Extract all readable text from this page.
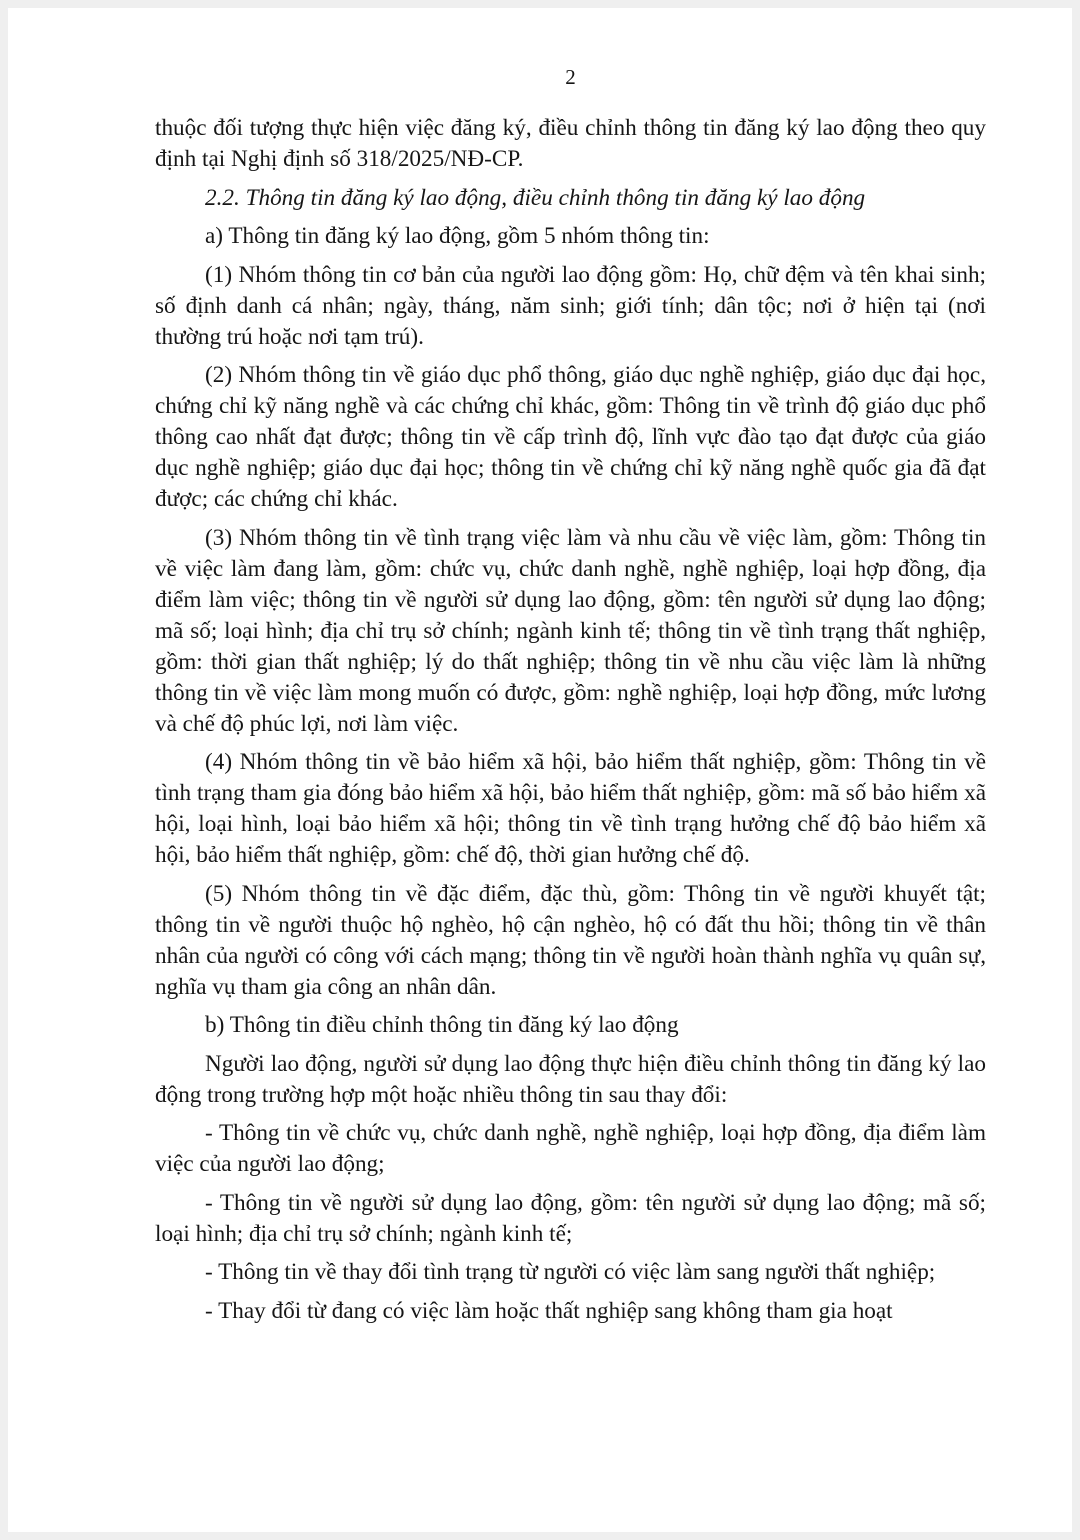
2

thuộc đối tượng thực hiện việc đăng ký, điều chỉnh thông tin đăng ký lao động theo quy định tại Nghị định số 318/2025/NĐ-CP.

2.2. Thông tin đăng ký lao động, điều chỉnh thông tin đăng ký lao động

a) Thông tin đăng ký lao động, gồm 5 nhóm thông tin:

(1) Nhóm thông tin cơ bản của người lao động gồm: Họ, chữ đệm và tên khai sinh; số định danh cá nhân; ngày, tháng, năm sinh; giới tính; dân tộc; nơi ở hiện tại (nơi thường trú hoặc nơi tạm trú).

(2) Nhóm thông tin về giáo dục phổ thông, giáo dục nghề nghiệp, giáo dục đại học, chứng chỉ kỹ năng nghề và các chứng chỉ khác, gồm: Thông tin về trình độ giáo dục phổ thông cao nhất đạt được; thông tin về cấp trình độ, lĩnh vực đào tạo đạt được của giáo dục nghề nghiệp; giáo dục đại học; thông tin về chứng chỉ kỹ năng nghề quốc gia đã đạt được; các chứng chỉ khác.

(3) Nhóm thông tin về tình trạng việc làm và nhu cầu về việc làm, gồm: Thông tin về việc làm đang làm, gồm: chức vụ, chức danh nghề, nghề nghiệp, loại hợp đồng, địa điểm làm việc; thông tin về người sử dụng lao động, gồm: tên người sử dụng lao động; mã số; loại hình; địa chỉ trụ sở chính; ngành kinh tế; thông tin về tình trạng thất nghiệp, gồm: thời gian thất nghiệp; lý do thất nghiệp; thông tin về nhu cầu việc làm là những thông tin về việc làm mong muốn có được, gồm: nghề nghiệp, loại hợp đồng, mức lương và chế độ phúc lợi, nơi làm việc.

(4) Nhóm thông tin về bảo hiểm xã hội, bảo hiểm thất nghiệp, gồm: Thông tin về tình trạng tham gia đóng bảo hiểm xã hội, bảo hiểm thất nghiệp, gồm: mã số bảo hiểm xã hội, loại hình, loại bảo hiểm xã hội; thông tin về tình trạng hưởng chế độ bảo hiểm xã hội, bảo hiểm thất nghiệp, gồm: chế độ, thời gian hưởng chế độ.

(5) Nhóm thông tin về đặc điểm, đặc thù, gồm: Thông tin về người khuyết tật; thông tin về người thuộc hộ nghèo, hộ cận nghèo, hộ có đất thu hồi; thông tin về thân nhân của người có công với cách mạng; thông tin về người hoàn thành nghĩa vụ quân sự, nghĩa vụ tham gia công an nhân dân.

b) Thông tin điều chỉnh thông tin đăng ký lao động

Người lao động, người sử dụng lao động thực hiện điều chỉnh thông tin đăng ký lao động trong trường hợp một hoặc nhiều thông tin sau thay đổi:

- Thông tin về chức vụ, chức danh nghề, nghề nghiệp, loại hợp đồng, địa điểm làm việc của người lao động;

- Thông tin về người sử dụng lao động, gồm: tên người sử dụng lao động; mã số; loại hình; địa chỉ trụ sở chính; ngành kinh tế;

- Thông tin về thay đổi tình trạng từ người có việc làm sang người thất nghiệp;

- Thay đổi từ đang có việc làm hoặc thất nghiệp sang không tham gia hoạt
